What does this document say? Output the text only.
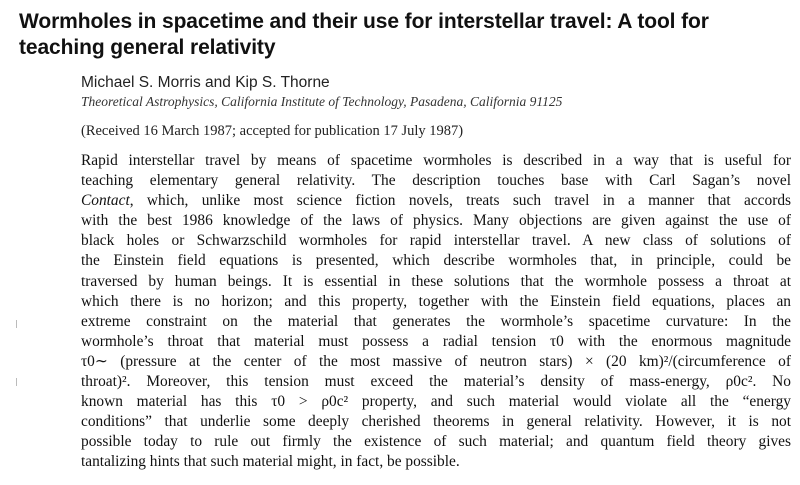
Wormholes in spacetime and their use for interstellar travel: A tool for
teaching general relativity

Michael S. Morris and Kip S. Thorne

Theoretical Astrophysics, California Institute of Technology, Pasadena, California 91125

(Received 16 March 1987; accepted for publication 17 July 1987)

Rapid interstellar travel by means of spacetime wormholes is described in a way that is useful for
teaching elementary general relativity. The description touches base with Carl Sagan’s novel
Contact, which, unlike most science fiction novels, treats such travel in a manner that accords
with the best 1986 knowledge of the laws of physics. Many objections are given against the use of
black holes or Schwarzschild wormholes for rapid interstellar travel. A new class of solutions of
the Einstein field equations is presented, which describe wormholes that, in principle, could be
traversed by human beings. It is essential in these solutions that the wormhole possess a throat at
which there is no horizon; and this property, together with the Einstein field equations, places an
extreme constraint on the material that generates the wormhole’s spacetime curvature: In the
wormhole’s throat that material must possess a radial tension τ0 with the enormous magnitude
τ0∼ (pressure at the center of the most massive of neutron stars) × (20 km)²/(circumference of
throat)². Moreover, this tension must exceed the material’s density of mass-energy, ρ0c². No
known material has this τ0 > ρ0c² property, and such material would violate all the “energy
conditions” that underlie some deeply cherished theorems in general relativity. However, it is not
possible today to rule out firmly the existence of such material; and quantum field theory gives
tantalizing hints that such material might, in fact, be possible.
